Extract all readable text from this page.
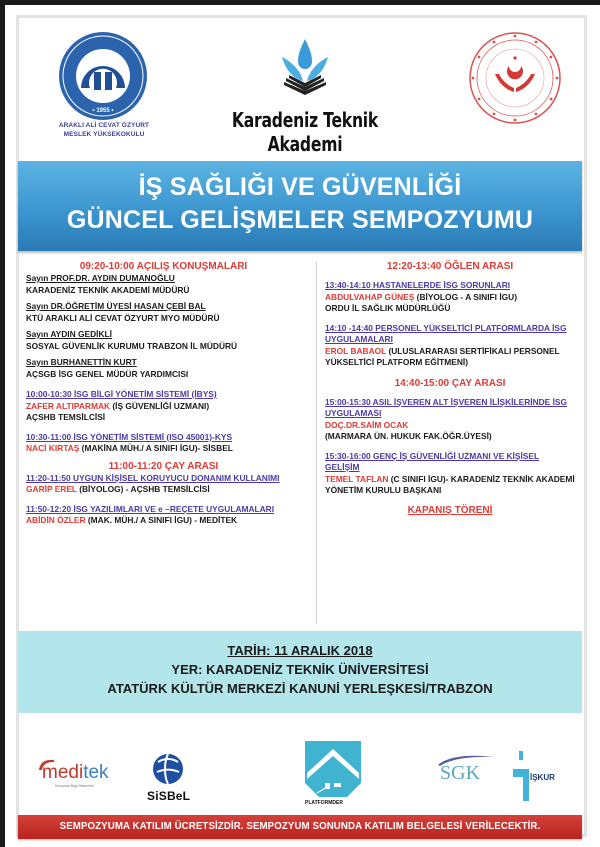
• 1955 •
ARAKLI ALİ CEVAT ÖZYURT
MESLEK YÜKSEKOKULU
Karadeniz Teknik Akademi
İŞ SAĞLIĞI VE GÜVENLİĞİ
GÜNCEL GELİŞMELER SEMPOZYUMU
09:20-10:00 AÇILIŞ KONUŞMALARI
Sayın PROF.DR. AYDIN DUMANOĞLU
KARADENİZ TEKNİK AKADEMİ MÜDÜRÜ
Sayın DR.ÖĞRETİM ÜYESİ HASAN ÇEBİ BAL
KTÜ ARAKLI ALİ CEVAT ÖZYURT MYO MÜDÜRÜ
Sayın AYDIN GEDİKLİ
SOSYAL GÜVENLİK KURUMU TRABZON İL MÜDÜRÜ
Sayın BURHANETTİN KURT
AÇSGB İSG GENEL MÜDÜR YARDIMCISI
10:00-10:30 İSG BİLGİ YÖNETİM SİSTEMİ (İBYS)
ZAFER ALTIPARMAK (İŞ GÜVENLİĞİ UZMANI)
AÇSHB TEMSİLCİSİ
10:30-11:00 İSG YÖNETİM SİSTEMİ (ISO 45001)-KYS
NACİ KIRTAŞ (MAKİNA MÜH./ A SINIFI İGU)- SİSBEL
11:00-11:20 ÇAY ARASI
11:20-11:50 UYGUN KİŞİSEL KORUYUCU DONANIM KULLANIMI
GARİP EREL (BİYOLOG) - AÇSHB TEMSİLCİSİ
11:50-12:20 İSG YAZILIMLARI VE e –REÇETE UYGULAMALARI
ABİDİN ÖZLER (MAK. MÜH./ A SINIFI İGU) - MEDİTEK
12:20-13:40 ÖĞLEN ARASI
13:40-14:10 HASTANELERDE İSG SORUNLARI
ABDULVAHAP GÜNEŞ (BİYOLOG - A SINIFI İGU)
ORDU İL SAĞLIK MÜDÜRLÜĞÜ
14:10 -14:40 PERSONEL YÜKSELTİCİ PLATFORMLARDA İSG UYGULAMALARI
EROL BABAOL (ULUSLARARASI SERTİFİKALI PERSONEL YÜKSELTİCİ PLATFORM EĞİTMENİ)
14:40-15:00 ÇAY ARASI
15:00-15:30 ASIL İŞVEREN ALT İŞVEREN İLİŞKİLERİNDE İSG UYGULAMASI
DOÇ.DR.SAİM OCAK
(MARMARA ÜN. HUKUK FAK.ÖĞR.ÜYESİ)
15:30-16:00 GENÇ İŞ GÜVENLİĞİ UZMANI VE KİŞİSEL GELİŞİM
TEMEL TAFLAN (C SINIFI İGU)- KARADENİZ TEKNİK AKADEMİ YÖNETİM KURULU BAŞKANI
KAPANIŞ TÖRENİ
TARİH: 11 ARALIK 2018
YER: KARADENİZ TEKNİK ÜNİVERSİTESİ
ATATÜRK KÜLTÜR MERKEZİ KANUNİ YERLEŞKESİ/TRABZON
meditek
Kurumsal Bilgi Sistemleri
SiSBeL	PLATFORMDER
SGK	İŞKUR
SEMPOZYUMA KATILIM ÜCRETSİZDİR. SEMPOZYUM SONUNDA KATILIM BELGELESİ VERİLECEKTİR.
